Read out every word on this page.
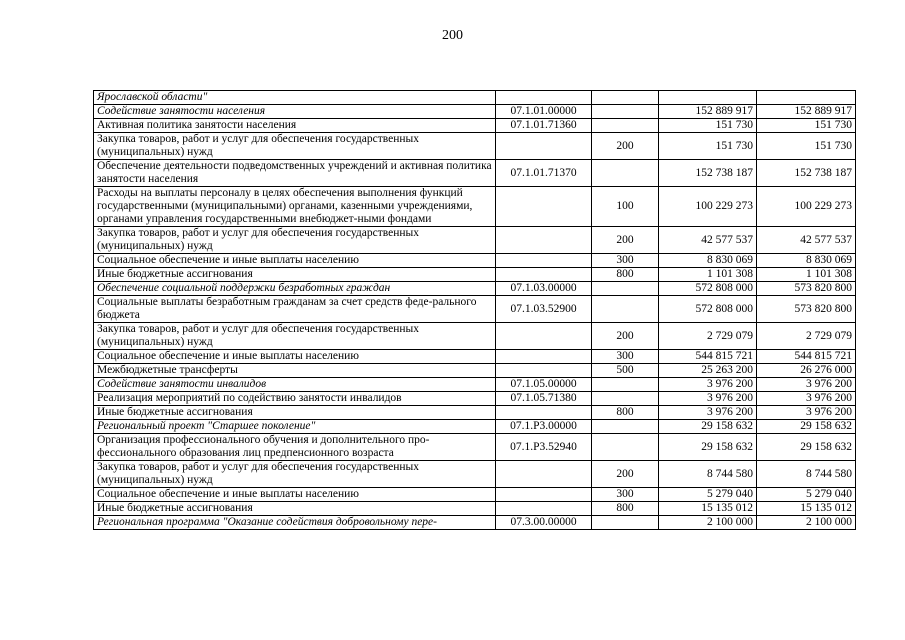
200
Ярославской области"				
Содействие занятости населения	07.1.01.00000		152 889 917	152 889 917
Активная политика занятости населения	07.1.01.71360		151 730	151 730
Закупка товаров, работ и услуг для обеспечения государственных (муниципальных) нужд		200	151 730	151 730
Обеспечение деятельности подведомственных учреждений и активная политика занятости населения	07.1.01.71370		152 738 187	152 738 187
Расходы на выплаты персоналу в целях обеспечения выполнения функций государственными (муниципальными) органами, казенными учреждениями, органами управления государственными внебюджет-ными фондами		100	100 229 273	100 229 273
Закупка товаров, работ и услуг для обеспечения государственных (муниципальных) нужд		200	42 577 537	42 577 537
Социальное обеспечение и иные выплаты населению		300	8 830 069	8 830 069
Иные бюджетные ассигнования		800	1 101 308	1 101 308
Обеспечение социальной поддержки безработных граждан	07.1.03.00000		572 808 000	573 820 800
Социальные выплаты безработным гражданам за счет средств феде-рального бюджета	07.1.03.52900		572 808 000	573 820 800
Закупка товаров, работ и услуг для обеспечения государственных (муниципальных) нужд		200	2 729 079	2 729 079
Социальное обеспечение и иные выплаты населению		300	544 815 721	544 815 721
Межбюджетные трансферты		500	25 263 200	26 276 000
Содействие занятости инвалидов	07.1.05.00000		3 976 200	3 976 200
Реализация мероприятий по содействию занятости инвалидов	07.1.05.71380		3 976 200	3 976 200
Иные бюджетные ассигнования		800	3 976 200	3 976 200
Региональный проект "Старшее поколение"	07.1.P3.00000		29 158 632	29 158 632
Организация профессионального обучения и дополнительного про-фессионального образования лиц предпенсионного возраста	07.1.P3.52940		29 158 632	29 158 632
Закупка товаров, работ и услуг для обеспечения государственных (муниципальных) нужд		200	8 744 580	8 744 580
Социальное обеспечение и иные выплаты населению		300	5 279 040	5 279 040
Иные бюджетные ассигнования		800	15 135 012	15 135 012
Региональная программа "Оказание содействия добровольному пере-	07.3.00.00000		2 100 000	2 100 000
